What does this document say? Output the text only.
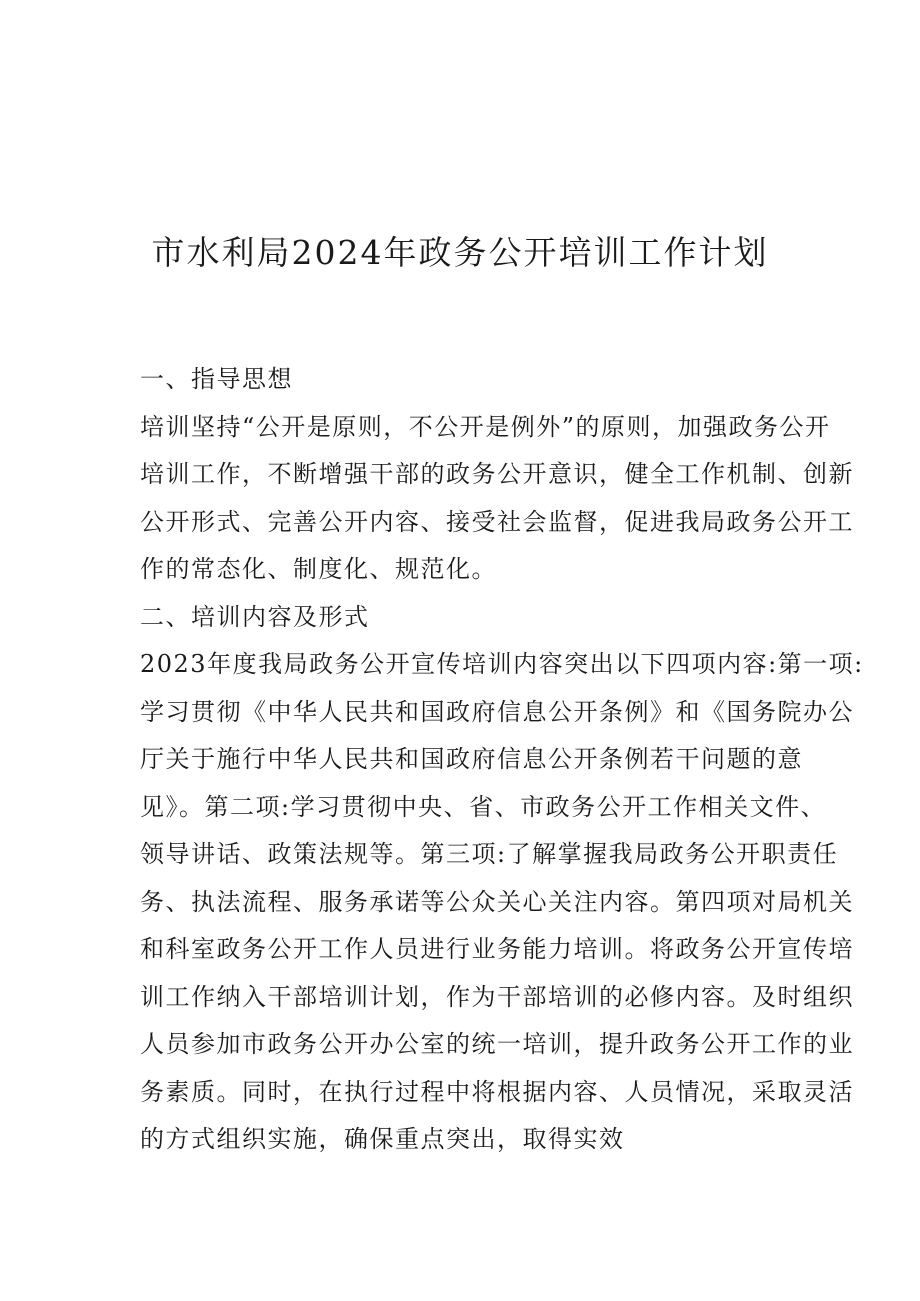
市水利局2024年政务公开培训工作计划
一、指导思想
培训坚持“公开是原则，不公开是例外”的原则，加强政务公开
培训工作，不断增强干部的政务公开意识，健全工作机制、创新
公开形式、完善公开内容、接受社会监督，促进我局政务公开工
作的常态化、制度化、规范化。
二、培训内容及形式
2023年度我局政务公开宣传培训内容突出以下四项内容:第一项:
学习贯彻《中华人民共和国政府信息公开条例》和《国务院办公
厅关于施行中华人民共和国政府信息公开条例若干问题的意
见》。第二项:学习贯彻中央、省、市政务公开工作相关文件、
领导讲话、政策法规等。第三项:了解掌握我局政务公开职责任
务、执法流程、服务承诺等公众关心关注内容。第四项对局机关
和科室政务公开工作人员进行业务能力培训。将政务公开宣传培
训工作纳入干部培训计划，作为干部培训的必修内容。及时组织
人员参加市政务公开办公室的统一培训，提升政务公开工作的业
务素质。同时，在执行过程中将根据内容、人员情况，采取灵活
的方式组织实施，确保重点突出，取得实效
